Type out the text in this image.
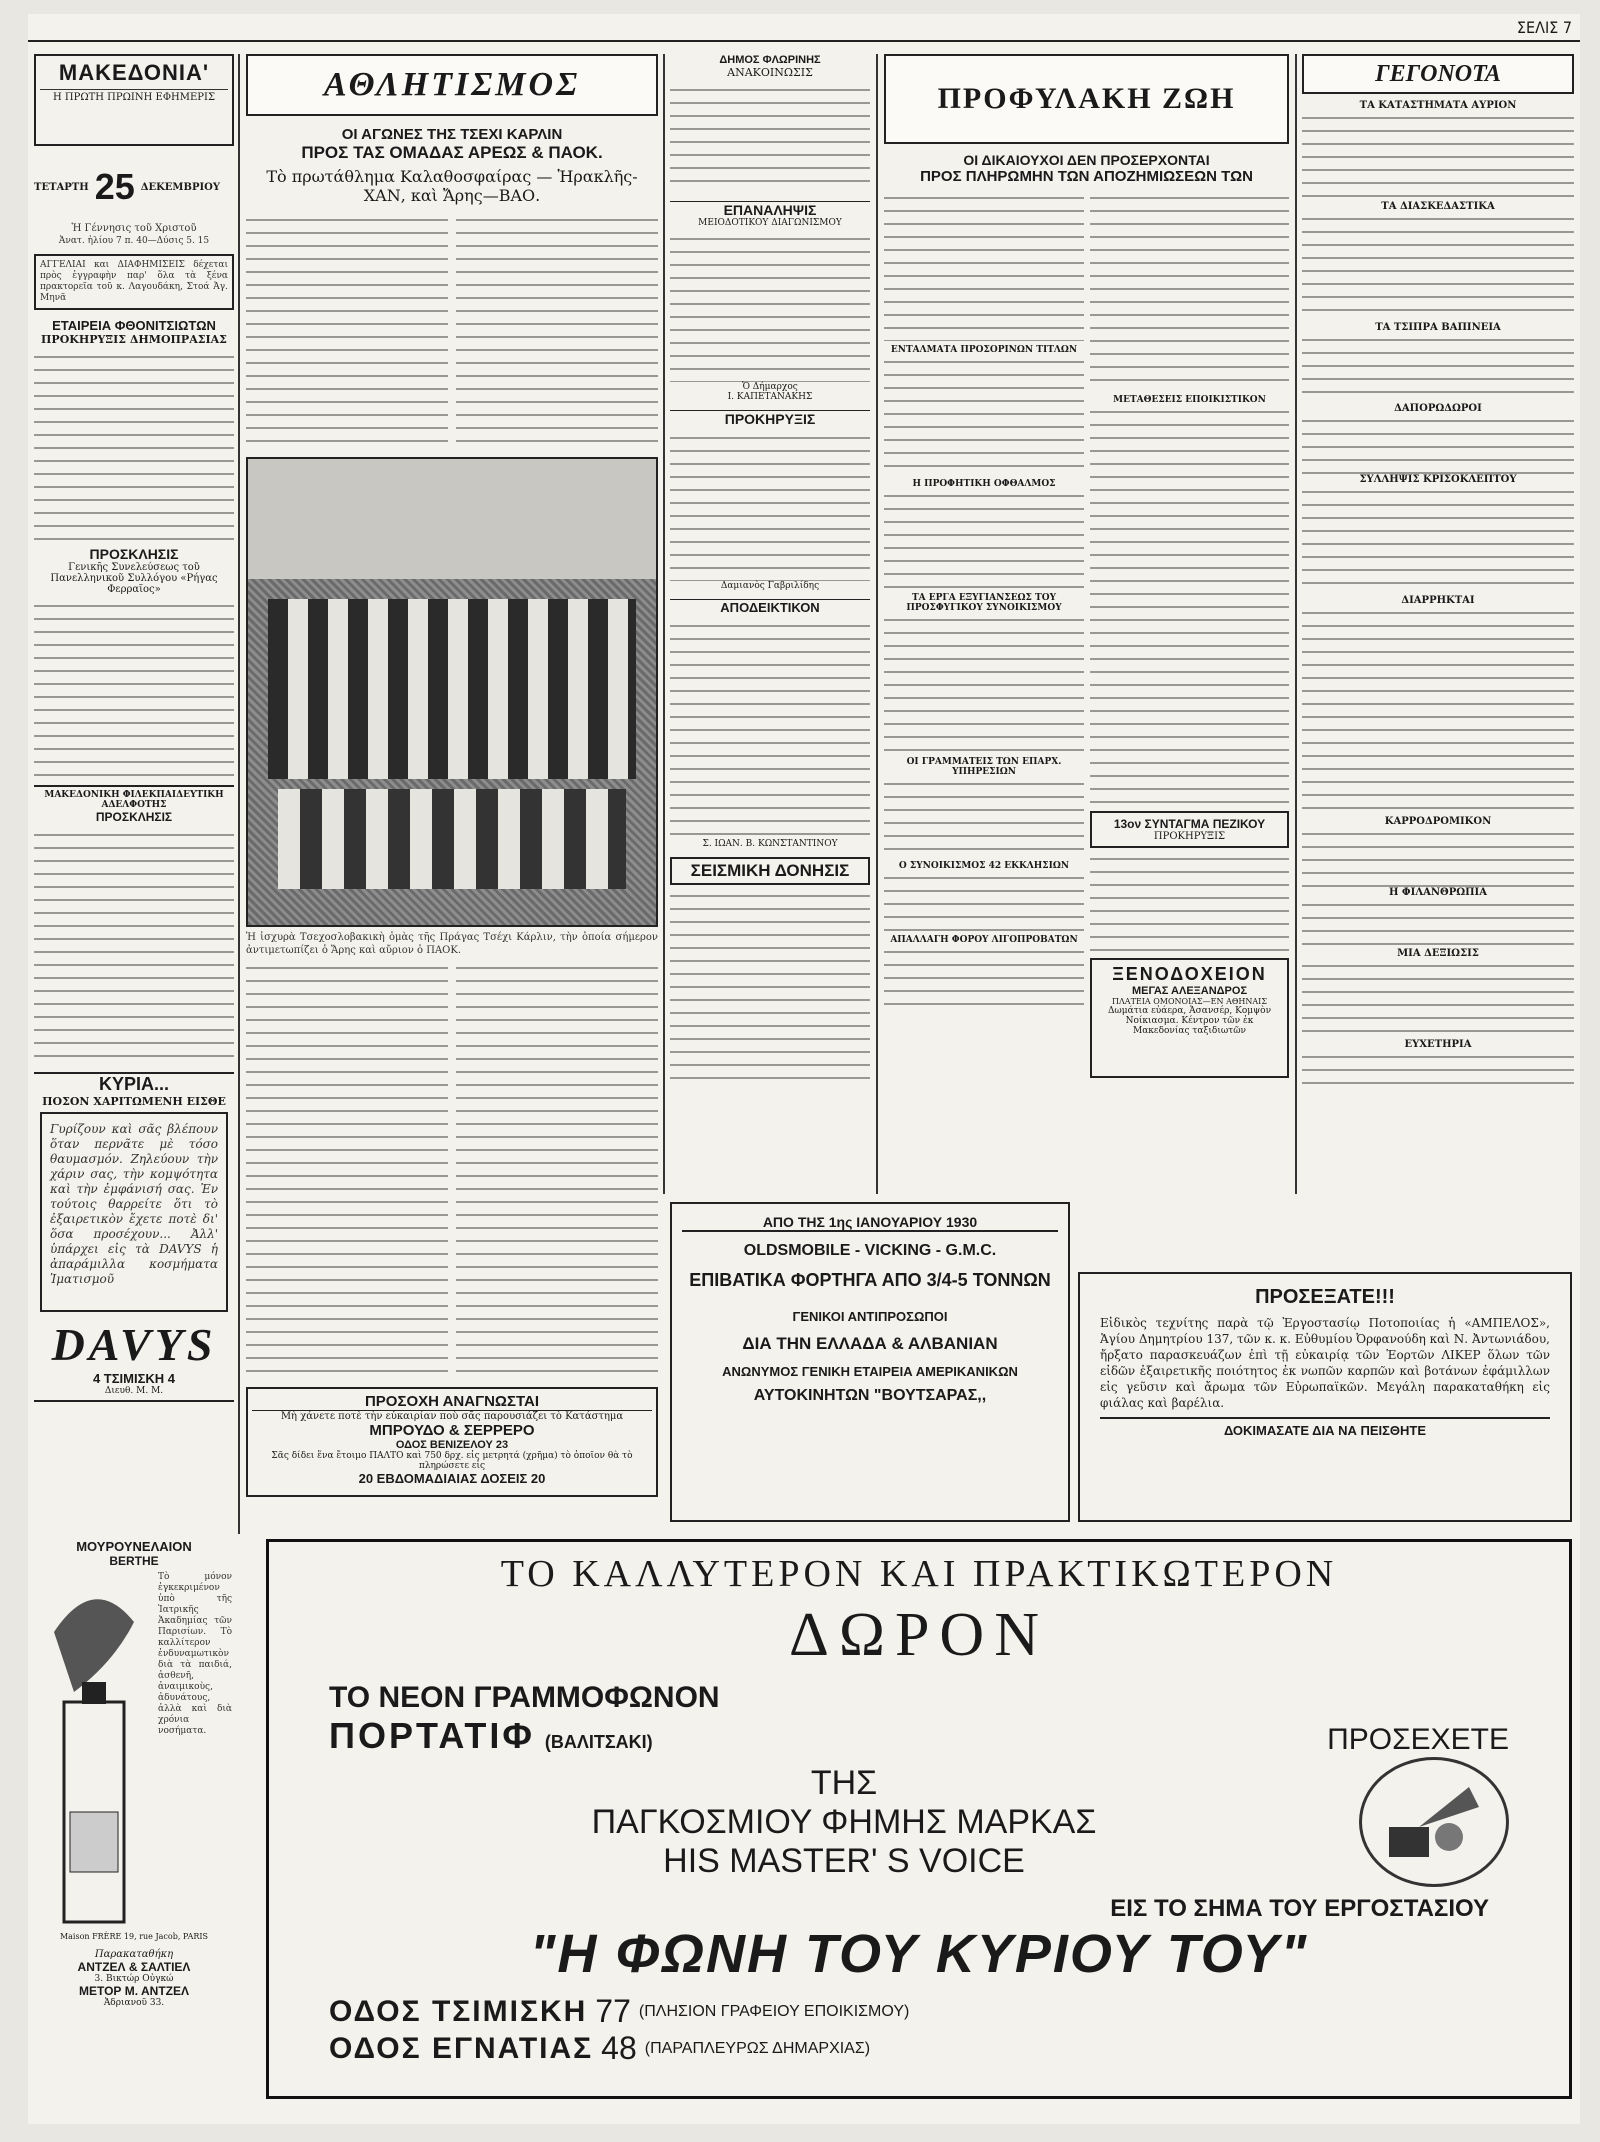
ΣΕΛΙΣ 7
ΜΑΚΕΔΟΝΙΑ'
Η ΠΡΩΤΗ ΠΡΩΙΝΗ ΕΦΗΜΕΡΙΣ
ΤΕΤΑΡΤΗ 25 ΔΕΚΕΜΒΡΙΟΥ
Ἡ Γέννησις τοῦ Χριστοῦ
Ἀνατ. ἡλίου 7 π. 40—Δύσις 5. 15
ΑΓΓΕΛΙΑΙ και ΔΙΑΦΗΜΙΣΕΙΣ δέχεται πρὸς ἐγγραφὴν παρ' ὅλα τὰ ξένα πρακτορεῖα τοῦ κ. Λαγουδάκη, Στοά Ἀγ. Μηνᾶ
ΕΤΑΙΡΕΙΑ ΦΘΟΝΙΤΣΙΩΤΩΝ
ΠΡΟΚΗΡΥΞΙΣ ΔΗΜΟΠΡΑΣΙΑΣ
ΠΡΟΣΚΛΗΣΙΣ
Γενικῆς Συνελεύσεως τοῦ Πανελληνικοῦ Συλλόγου «Ρήγας Φερραῖος»
ΜΑΚΕΔΟΝΙΚΗ ΦΙΛΕΚΠΑΙΔΕΥΤΙΚΗ ΑΔΕΛΦΟΤΗΣ
ΠΡΟΣΚΛΗΣΙΣ
ΚΥΡΙΑ...
ΠΟΣΟΝ ΧΑΡΙΤΩΜΕΝΗ ΕΙΣΘΕ
Γυρίζουν καὶ σᾶς βλέπουν ὅταν περνᾶτε μὲ τόσο θαυμασμόν. Ζηλεύουν τὴν χάριν σας, τὴν κομψότητα καὶ τὴν ἐμφάνισή σας. Ἐν τούτοις θαρρείτε ὅτι τὸ ἐξαιρετικὸν ἔχετε ποτὲ δι' ὅσα προσέχουν... Ἀλλ' ὑπάρχει εἰς τὰ DAVYS ἡ ἀπαράμιλλα κοσμήματα Ἰματισμοῦ
DAVYS
4 ΤΣΙΜΙΣΚΗ 4
Διευθ. Μ. Μ.
ΜΟΥΡΟΥΝΕΛΑΙΟΝ
BERTHE
Τὸ μόνον ἐγκεκριμένον ὑπὸ τῆς Ἰατρικῆς Ἀκαδημίας τῶν Παρισίων. Τὸ καλλίτερον ἐνδυναμωτικὸν διὰ τὰ παιδιά, ἀσθενῆ, ἀναιμικοὺς, ἀδυνάτους, ἀλλὰ καὶ διὰ χρόνια νοσήματα.
Maison FRÈRE 19, rue Jacob, PARIS
Παρακαταθήκη
ΑΝΤΖΕΛ & ΣΑΛΤΙΕΛ
3. Βικτώρ Οὐγκώ
ΜΕΤΟΡ Μ. ΑΝΤΖΕΛ
Ἀδριανοῦ 33.
ΑΘΛΗΤΙΣΜΟΣ
ΟΙ ΑΓΩΝΕΣ ΤΗΣ ΤΣΕΧΙ ΚΑΡΛΙΝ
ΠΡΟΣ ΤΑΣ ΟΜΑΔΑΣ ΑΡΕΩΣ & ΠΑΟΚ.
Τὸ πρωτάθλημα Καλαθοσφαίρας — Ἡρακλῆς-ΧΑΝ, καὶ Ἄρης—ΒΑΟ.
Ἡ ἰσχυρὰ Τσεχοσλοβακικὴ ὁμὰς τῆς Πράγας Τσέχι Κάρλιν, τὴν ὁποία σήμερον ἀντιμετωπίζει ὁ Ἄρης καὶ αὔριον ὁ ΠΑΟΚ.
ΠΡΟΣΟΧΗ ΑΝΑΓΝΩΣΤΑΙ
Μὴ χάνετε ποτὲ τὴν εὐκαιρίαν ποὺ σᾶς παρουσιάζει τὸ Κατάστημα
ΜΠΡΟΥΔΟ & ΣΕΡΡΕΡΟ
ΟΔΟΣ ΒΕΝΙΖΕΛΟΥ 23
Σᾶς δίδει ἕνα ἔτοιμο ΠΑΛΤΟ καὶ 750 δρχ. εἰς μετρητά (χρῆμα) τὸ ὁποῖον θὰ τὸ πληρώσετε εἰς
20 ΕΒΔΟΜΑΔΙΑΙΑΣ ΔΟΣΕΙΣ 20
ΔΗΜΟΣ ΦΛΩΡΙΝΗΣ
ΑΝΑΚΟΙΝΩΣΙΣ
ΕΠΑΝΑΛΗΨΙΣ
ΜΕΙΟΔΟΤΙΚΟΥ ΔΙΑΓΩΝΙΣΜΟΥ
Ὁ Δήμαρχος
Ι. ΚΑΠΕΤΑΝΑΚΗΣ
ΠΡΟΚΗΡΥΞΙΣ
Δαμιανὸς Γαβριλίδης
ΑΠΟΔΕΙΚΤΙΚΟΝ
Σ. ΙΩΑΝ. Β. ΚΩΝΣΤΑΝΤΙΝΟΥ
ΣΕΙΣΜΙΚΗ ΔΟΝΗΣΙΣ
ΠΡΟΦΥΛΑΚΗ ΖΩΗ
ΟΙ ΔΙΚΑΙΟΥΧΟΙ ΔΕΝ ΠΡΟΣΕΡΧΟΝΤΑΙ
ΠΡΟΣ ΠΛΗΡΩΜΗΝ ΤΩΝ ΑΠΟΖΗΜΙΩΣΕΩΝ ΤΩΝ
ΕΝΤΑΛΜΑΤΑ ΠΡΟΣΟΡΙΝΩΝ ΤΙΤΛΩΝ
Η ΠΡΟΦΗΤΙΚΗ ΟΦΘΑΛΜΟΣ
ΤΑ ΕΡΓΑ ΕΞΥΓΙΑΝΣΕΩΣ ΤΟΥ ΠΡΟΣΦΥΓΙΚΟΥ ΣΥΝΟΙΚΙΣΜΟΥ
ΟΙ ΓΡΑΜΜΑΤΕΙΣ ΤΩΝ ΕΠΑΡΧ. ΥΠΗΡΕΣΙΩΝ
Ο ΣΥΝΟΙΚΙΣΜΟΣ 42 ΕΚΚΛΗΣΙΩΝ
ΑΠΑΛΛΑΓΗ ΦΟΡΟΥ ΛΙΓΟΠΡΟΒΑΤΩΝ
ΜΕΤΑΘΕΣΕΙΣ ΕΠΟΙΚΙΣΤΙΚΟΝ
13ον ΣΥΝΤΑΓΜΑ ΠΕΖΙΚΟΥ
ΠΡΟΚΗΡΥΞΙΣ
ΞΕΝΟΔΟΧΕΙΟΝ
ΜΕΓΑΣ ΑΛΕΞΑΝΔΡΟΣ
ΠΛΑΤΕΙΑ ΟΜΟΝΟΙΑΣ—ΕΝ ΑΘΗΝΑΙΣ
Δωμάτια εὐάερα, Ἀσανσέρ, Κομψὸν Νοίκιασμα. Κέντρον τῶν ἐκ Μακεδονίας ταξιδιωτῶν
ΓΕΓΟΝΟΤΑ
ΤΑ ΚΑΤΑΣΤΗΜΑΤΑ ΑΥΡΙΟΝ
ΤΑ ΔΙΑΣΚΕΔΑΣΤΙΚΑ
ΤΑ ΤΣΙΠΡΑ ΒΑΠΙΝΕΙΑ
ΔΑΠΟΡΩΔΩΡΟΙ
ΣΥΛΛΗΨΙΣ ΚΡΙΣΟΚΛΕΠΤΟΥ
ΔΙΑΡΡΗΚΤΑΙ
ΚΑΡΡΟΔΡΟΜΙΚΟΝ
Η ΦΙΛΑΝΘΡΩΠΙΑ
ΜΙΑ ΔΕΞΙΩΣΙΣ
ΕΥΧΕΤΗΡΙΑ
ΑΠΟ ΤΗΣ 1ης ΙΑΝΟΥΑΡΙΟΥ 1930
OLDSMOBILE - VICKING - G.M.C.
ΕΠΙΒΑΤΙΚΑ ΦΟΡΤΗΓΑ ΑΠΟ 3/4-5 ΤΟΝΝΩΝ
ΓΕΝΙΚΟΙ ΑΝΤΙΠΡΟΣΩΠΟΙ
ΔΙΑ ΤΗΝ ΕΛΛΑΔΑ & ΑΛΒΑΝΙΑΝ
ΑΝΩΝΥΜΟΣ ΓΕΝΙΚΗ ΕΤΑΙΡΕΙΑ ΑΜΕΡΙΚΑΝΙΚΩΝ
ΑΥΤΟΚΙΝΗΤΩΝ "ΒΟΥΤΣΑΡΑΣ,,
ΠΡΟΣΕΞΑΤΕ!!!
Εἰδικὸς τεχνίτης παρὰ τῷ Ἐργοστασίῳ Ποτοποιίας ἡ «ΑΜΠΕΛΟΣ», Ἁγίου Δημητρίου 137, τῶν κ. κ. Εὐθυμίου Ὀρφανούδη καὶ Ν. Ἀντωνιάδου, ἤρξατο παρασκευάζων ἐπὶ τῇ εὐκαιρίᾳ τῶν Ἑορτῶν ΛΙΚΕΡ ὅλων τῶν εἰδῶν ἐξαιρετικῆς ποιότητος ἐκ νωπῶν καρπῶν καὶ βοτάνων ἐφάμιλλων εἰς γεῦσιν καὶ ἄρωμα τῶν Εὐρωπαϊκῶν. Μεγάλη παρακαταθήκη εἰς φιάλας καὶ βαρέλια.
ΔΟΚΙΜΑΣΑΤΕ ΔΙΑ ΝΑ ΠΕΙΣΘΗΤΕ
ΤΟ ΚΑΛΛΥΤΕΡΟΝ ΚΑΙ ΠΡΑΚΤΙΚΩΤΕΡΟΝ
ΔΩΡΟΝ
ΤΟ ΝΕΟΝ ΓΡΑΜΜΟΦΩΝΟΝ
ΠΟΡΤΑΤΙΦ (ΒΑΛΙΤΣΑΚΙ)	ΠΡΟΣΕΧΕΤΕ
ΤΗΣ
ΠΑΓΚΟΣΜΙΟΥ ΦΗΜΗΣ ΜΑΡΚΑΣ
HIS MASTER' S VOICE
ΕΙΣ ΤΟ ΣΗΜΑ ΤΟΥ ΕΡΓΟΣΤΑΣΙΟΥ
"Η ΦΩΝΗ ΤΟΥ ΚΥΡΙΟΥ ΤΟΥ"
ΟΔΟΣ ΤΣΙΜΙΣΚΗ 77 (ΠΛΗΣΙΟΝ ΓΡΑΦΕΙΟΥ ΕΠΟΙΚΙΣΜΟΥ)
ΟΔΟΣ ΕΓΝΑΤΙΑΣ 48 (ΠΑΡΑΠΛΕΥΡΩΣ ΔΗΜΑΡΧΙΑΣ)
